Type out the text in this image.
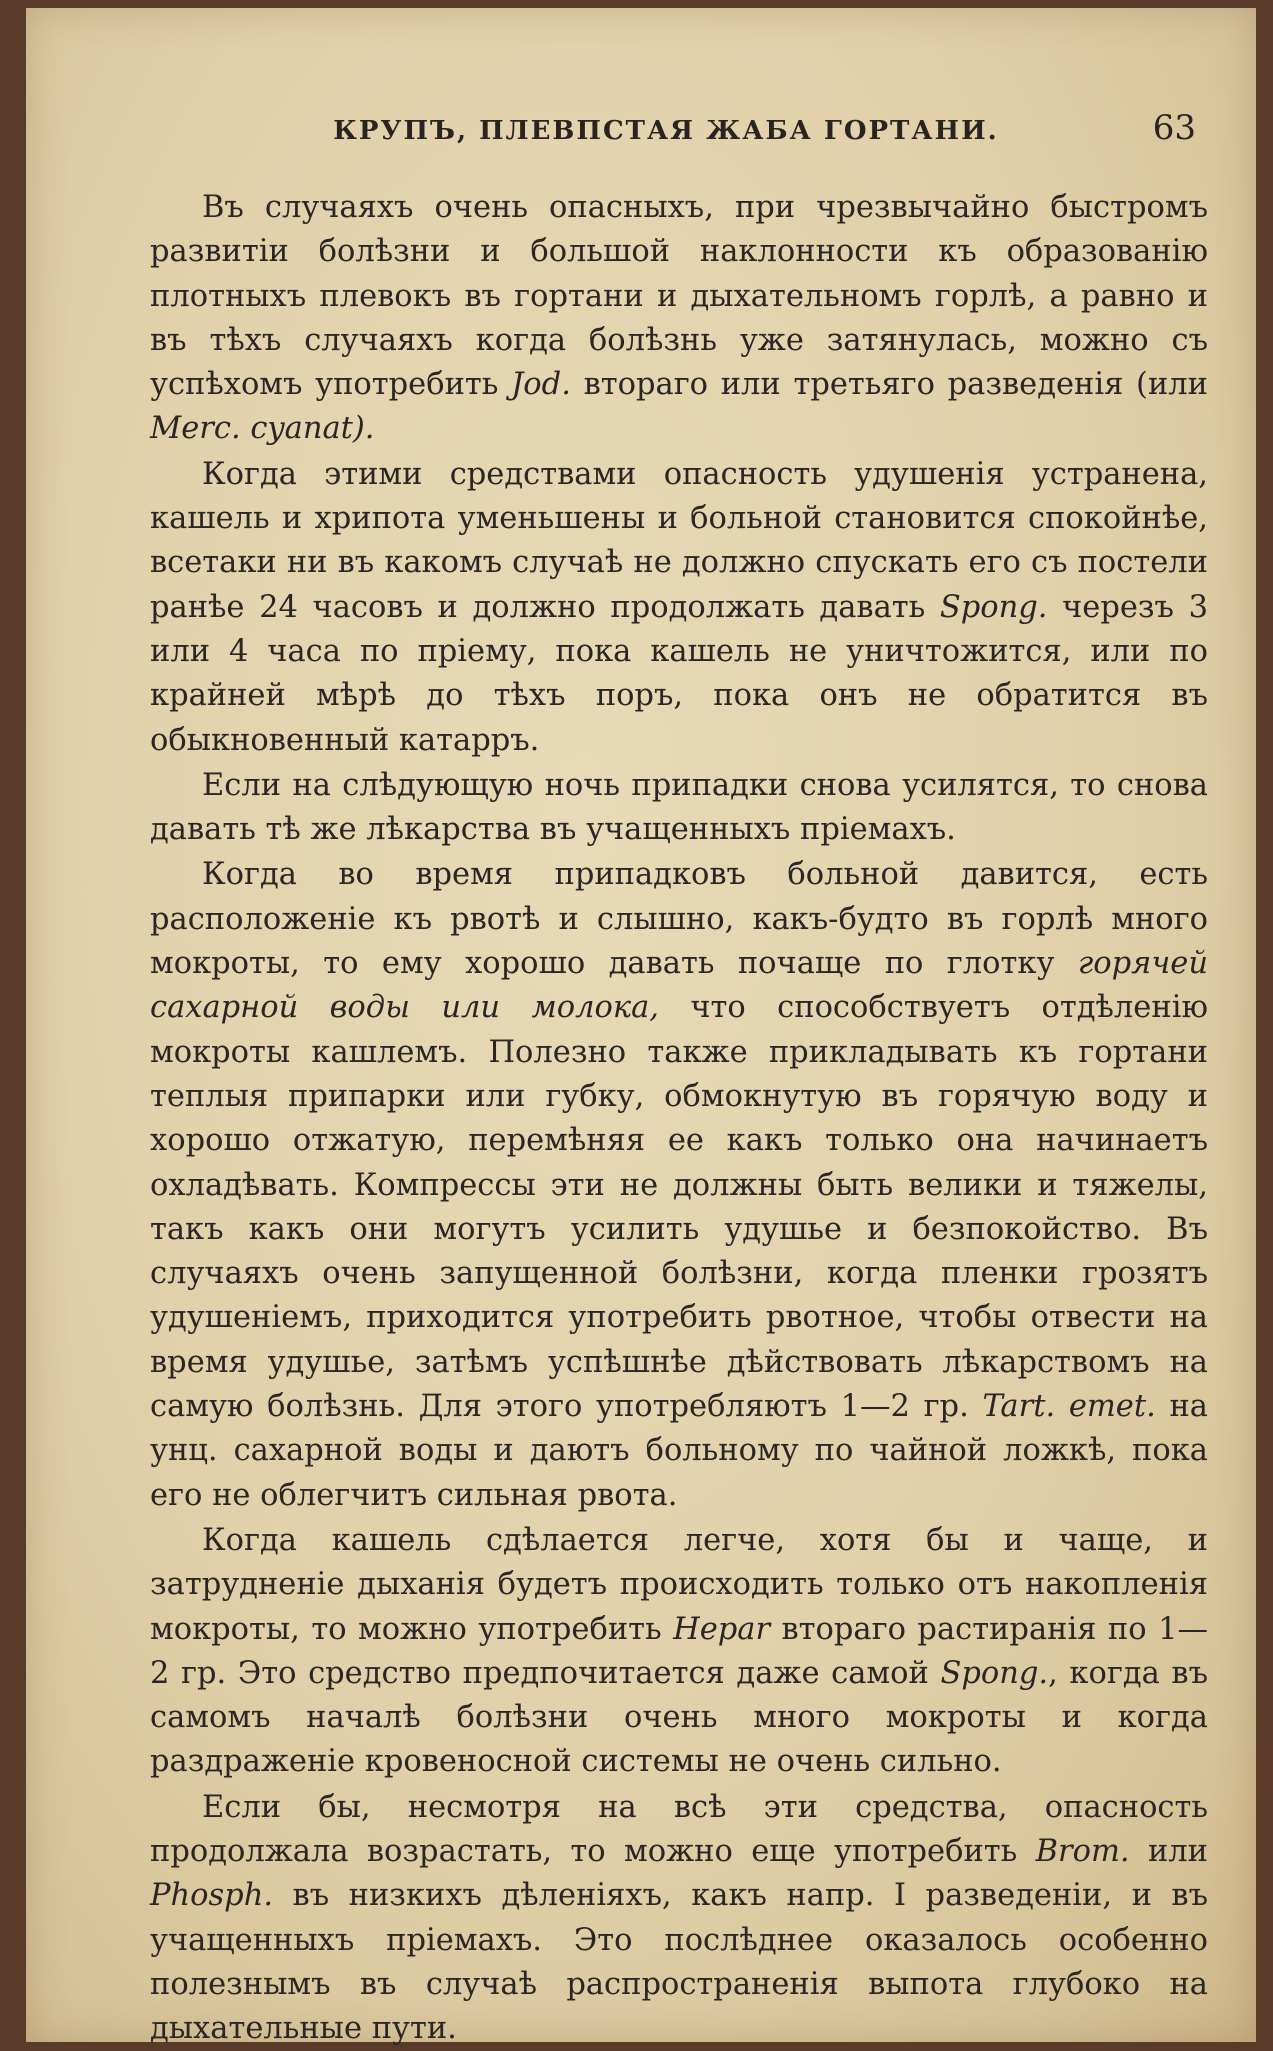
КРУПЪ, ПЛЕВПСТАЯ ЖАБА ГОРТАНИ.	63

Въ случаяхъ очень опасныхъ, при чрезвычайно быстромъ развитіи болѣзни и большой наклонности къ образованію плотныхъ плевокъ въ гортани и дыхательномъ горлѣ, а равно и въ тѣхъ случаяхъ когда болѣзнь уже затянулась, можно съ успѣхомъ употребить Jod. втораго или третьяго разведенія (или Merc. cyanat).

Когда этими средствами опасность удушенія устранена, кашель и хрипота уменьшены и больной становится спокойнѣе, всетаки ни въ какомъ случаѣ не должно спускать его съ постели ранѣе 24 часовъ и должно продолжать давать Spong. черезъ 3 или 4 часа по пріему, пока кашель не уничтожится, или по крайней мѣрѣ до тѣхъ поръ, пока онъ не обратится въ обыкновенный катарръ.

Если на слѣдующую ночь припадки снова усилятся, то снова давать тѣ же лѣкарства въ учащенныхъ пріемахъ.

Когда во время припадковъ больной давится, есть расположеніе къ рвотѣ и слышно, какъ-будто въ горлѣ много мокроты, то ему хорошо давать почаще по глотку горячей сахарной воды или молока, что способствуетъ отдѣленію мокроты кашлемъ. Полезно также прикладывать къ гортани теплыя припарки или губку, обмокнутую въ горячую воду и хорошо отжатую, перемѣняя ее какъ только она начинаетъ охладѣвать. Компрессы эти не должны быть велики и тяжелы, такъ какъ они могутъ усилить удушье и безпокойство. Въ случаяхъ очень запущенной болѣзни, когда пленки грозятъ удушеніемъ, приходится употребить рвотное, чтобы отвести на время удушье, затѣмъ успѣшнѣе дѣйствовать лѣкарствомъ на самую болѣзнь. Для этого употребляютъ 1—2 гр. Tart. emet. на унц. сахарной воды и даютъ больному по чайной ложкѣ, пока его не облегчитъ сильная рвота.

Когда кашель сдѣлается легче, хотя бы и чаще, и затрудненіе дыханія будетъ происходить только отъ накопленія мокроты, то можно употребить Hepar втораго растиранія по 1—2 гр. Это средство предпочитается даже самой Spong., когда въ самомъ началѣ болѣзни очень много мокроты и когда раздраженіе кровеносной системы не очень сильно.

Если бы, несмотря на всѣ эти средства, опасность продолжала возрастать, то можно еще употребить Brom. или Phosph. въ низкихъ дѣленіяхъ, какъ напр. I разведеніи, и въ учащенныхъ пріемахъ. Это послѣднее оказалось особенно полезнымъ въ случаѣ распространенія выпота глубоко на дыхательные пути.
